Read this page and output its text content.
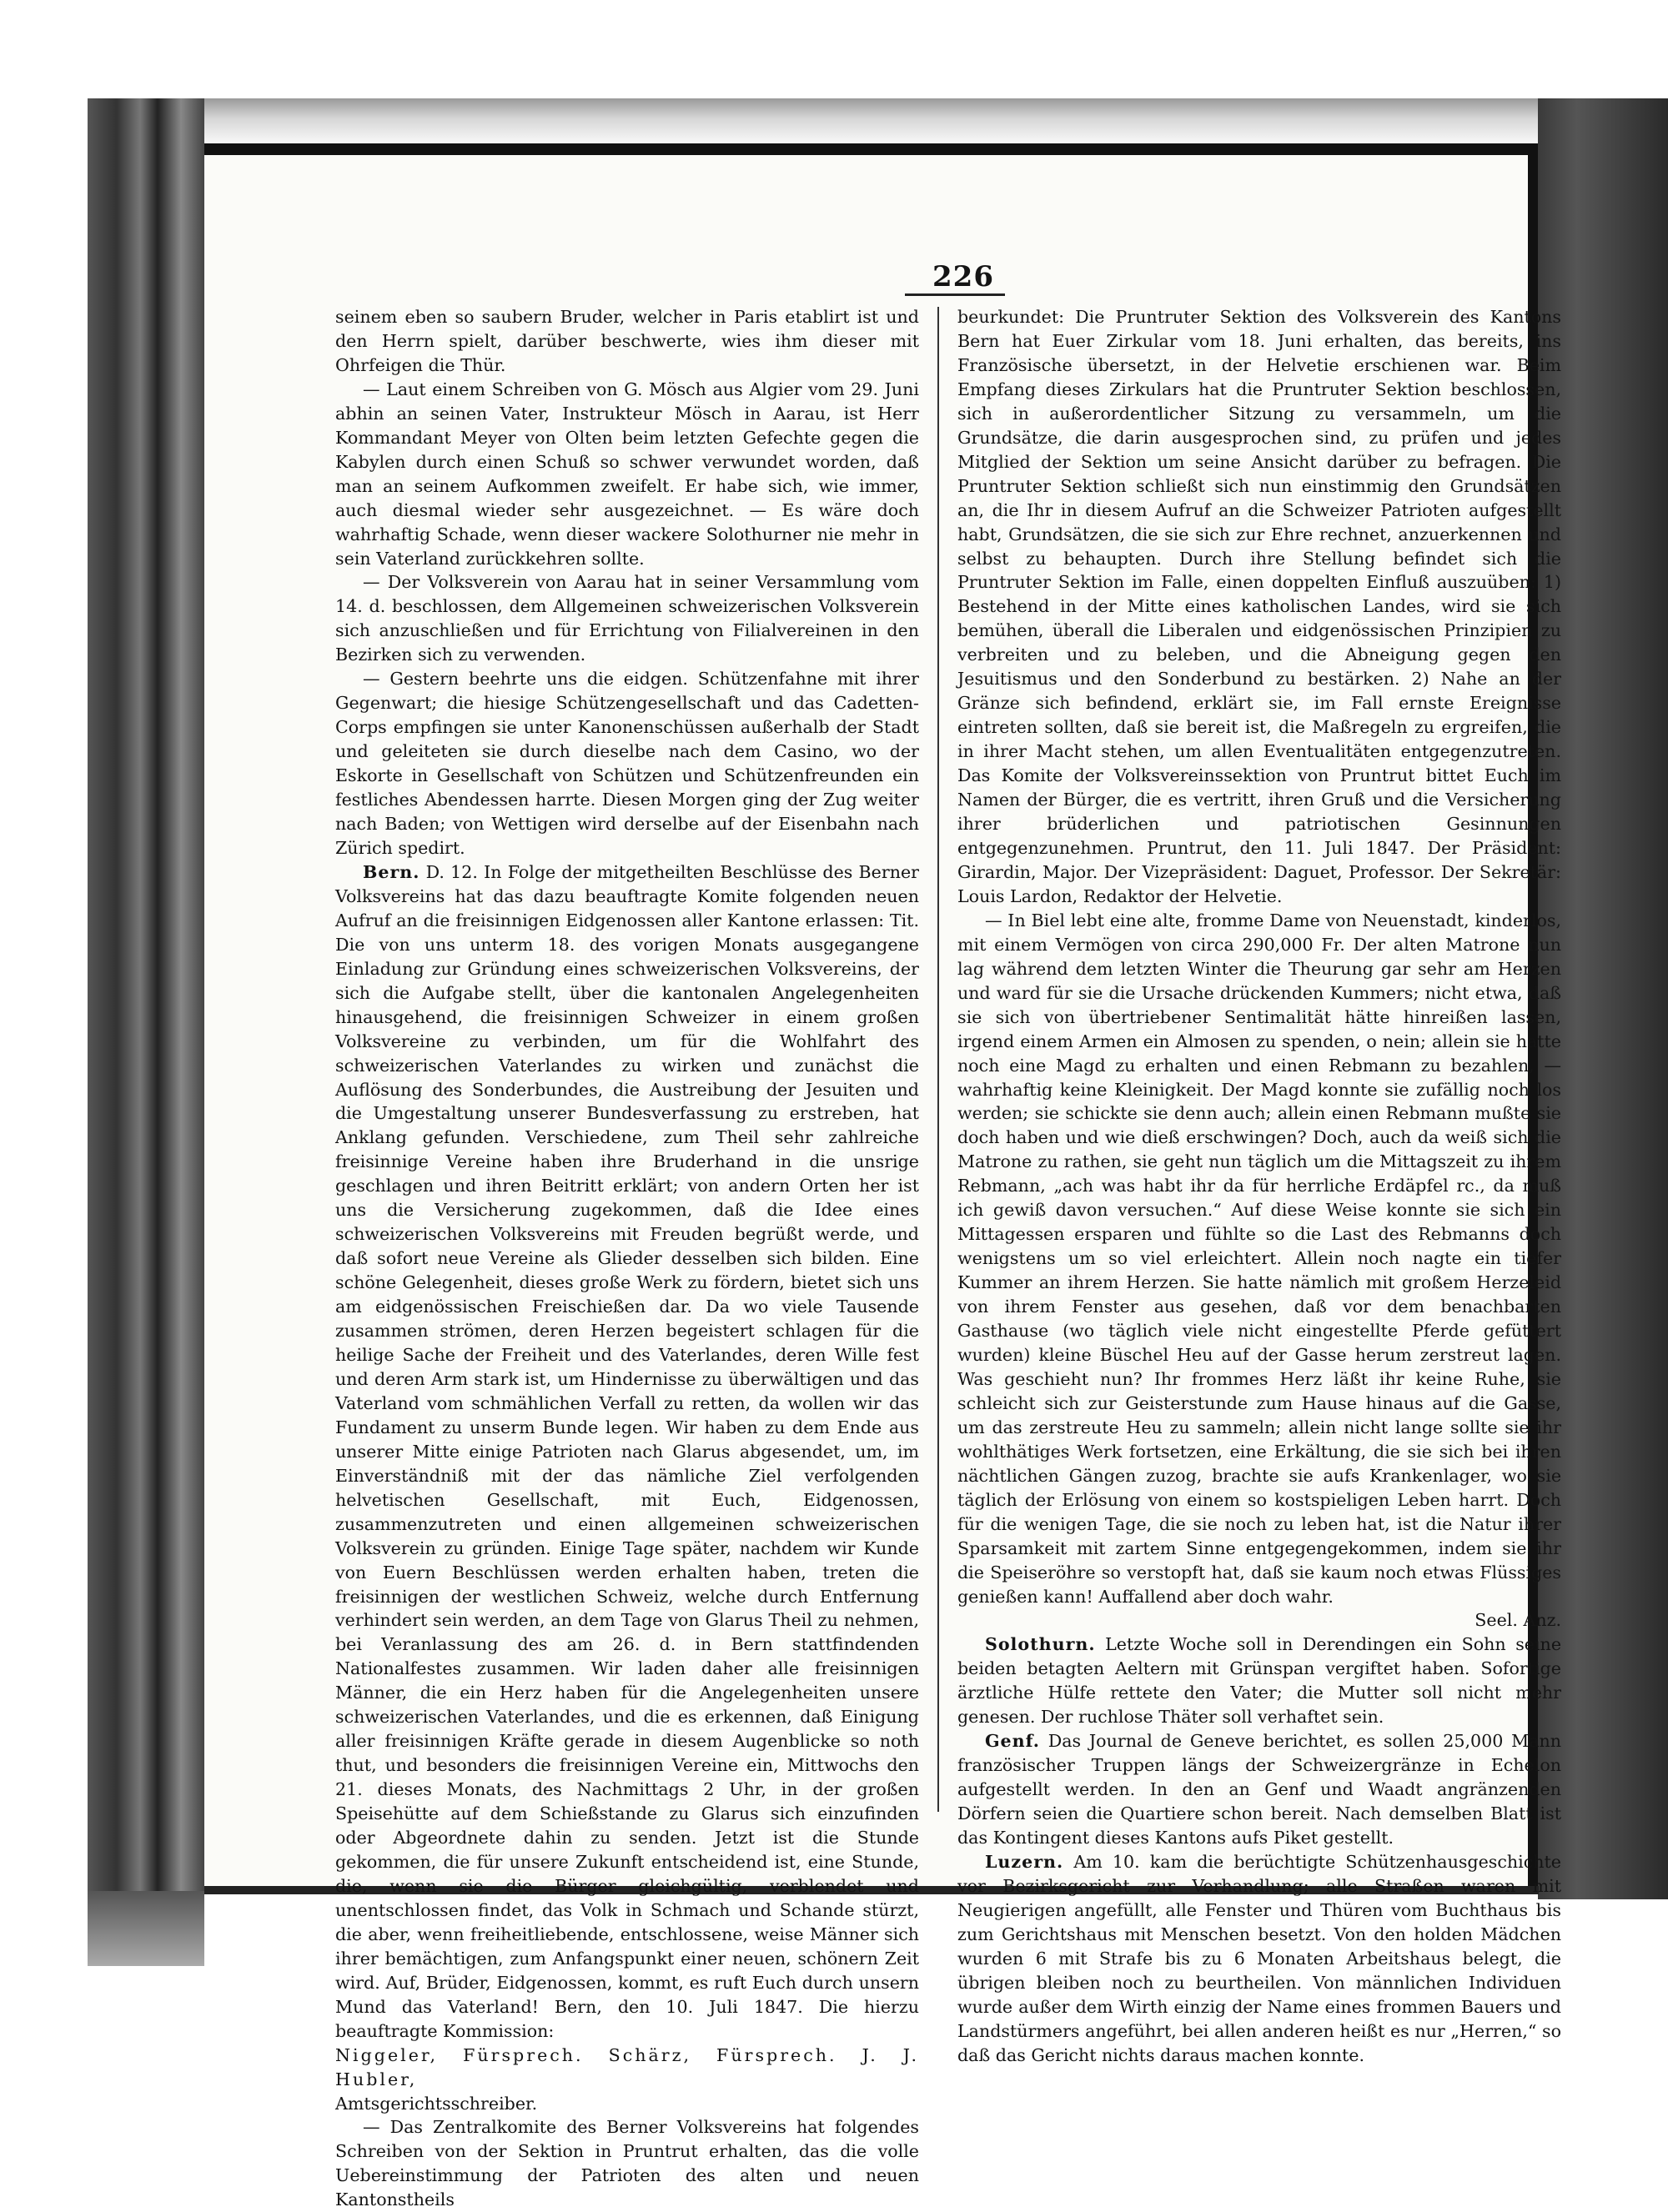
226

seinem eben so saubern Bruder, welcher in Paris etablirt ist und den Herrn spielt, darüber beschwerte, wies ihm dieser mit Ohrfeigen die Thür.

— Laut einem Schreiben von G. Mösch aus Algier vom 29. Juni abhin an seinen Vater, Instrukteur Mösch in Aarau, ist Herr Kommandant Meyer von Olten beim letzten Gefechte gegen die Kabylen durch einen Schuß so schwer verwundet worden, daß man an seinem Aufkommen zweifelt. Er habe sich, wie immer, auch diesmal wieder sehr ausgezeichnet. — Es wäre doch wahrhaftig Schade, wenn dieser wackere Solothurner nie mehr in sein Vaterland zurückkehren sollte.

— Der Volksverein von Aarau hat in seiner Versammlung vom 14. d. beschlossen, dem Allgemeinen schweizerischen Volksverein sich anzuschließen und für Errichtung von Filialvereinen in den Bezirken sich zu verwenden.

— Gestern beehrte uns die eidgen. Schützenfahne mit ihrer Gegenwart; die hiesige Schützengesellschaft und das Cadetten-Corps empfingen sie unter Kanonenschüssen außerhalb der Stadt und geleiteten sie durch dieselbe nach dem Casino, wo der Eskorte in Gesellschaft von Schützen und Schützenfreunden ein festliches Abendessen harrte. Diesen Morgen ging der Zug weiter nach Baden; von Wettigen wird derselbe auf der Eisenbahn nach Zürich spedirt.

Bern. D. 12. In Folge der mitgetheilten Beschlüsse des Berner Volksvereins hat das dazu beauftragte Komite folgenden neuen Aufruf an die freisinnigen Eidgenossen aller Kantone erlassen: Tit. Die von uns unterm 18. des vorigen Monats ausgegangene Einladung zur Gründung eines schweizerischen Volksvereins, der sich die Aufgabe stellt, über die kantonalen Angelegenheiten hinausgehend, die freisinnigen Schweizer in einem großen Volksvereine zu verbinden, um für die Wohlfahrt des schweizerischen Vaterlandes zu wirken und zunächst die Auflösung des Sonderbundes, die Austreibung der Jesuiten und die Umgestaltung unserer Bundesverfassung zu erstreben, hat Anklang gefunden. Verschiedene, zum Theil sehr zahlreiche freisinnige Vereine haben ihre Bruderhand in die unsrige geschlagen und ihren Beitritt erklärt; von andern Orten her ist uns die Versicherung zugekommen, daß die Idee eines schweizerischen Volksvereins mit Freuden begrüßt werde, und daß sofort neue Vereine als Glieder desselben sich bilden. Eine schöne Gelegenheit, dieses große Werk zu fördern, bietet sich uns am eidgenössischen Freischießen dar. Da wo viele Tausende zusammen strömen, deren Herzen begeistert schlagen für die heilige Sache der Freiheit und des Vaterlandes, deren Wille fest und deren Arm stark ist, um Hindernisse zu überwältigen und das Vaterland vom schmählichen Verfall zu retten, da wollen wir das Fundament zu unserm Bunde legen. Wir haben zu dem Ende aus unserer Mitte einige Patrioten nach Glarus abgesendet, um, im Einverständniß mit der das nämliche Ziel verfolgenden helvetischen Gesellschaft, mit Euch, Eidgenossen, zusammenzutreten und einen allgemeinen schweizerischen Volksverein zu gründen. Einige Tage später, nachdem wir Kunde von Euern Beschlüssen werden erhalten haben, treten die freisinnigen der westlichen Schweiz, welche durch Entfernung verhindert sein werden, an dem Tage von Glarus Theil zu nehmen, bei Veranlassung des am 26. d. in Bern stattfindenden Nationalfestes zusammen. Wir laden daher alle freisinnigen Männer, die ein Herz haben für die Angelegenheiten unsere schweizerischen Vaterlandes, und die es erkennen, daß Einigung aller freisinnigen Kräfte gerade in diesem Augenblicke so noth thut, und besonders die freisinnigen Vereine ein, Mittwochs den 21. dieses Monats, des Nachmittags 2 Uhr, in der großen Speisehütte auf dem Schießstande zu Glarus sich einzufinden oder Abgeordnete dahin zu senden. Jetzt ist die Stunde gekommen, die für unsere Zukunft entscheidend ist, eine Stunde, die, wenn sie die Bürger gleichgültig, verblendet und unentschlossen findet, das Volk in Schmach und Schande stürzt, die aber, wenn freiheitliebende, entschlossene, weise Männer sich ihrer bemächtigen, zum Anfangspunkt einer neuen, schönern Zeit wird. Auf, Brüder, Eidgenossen, kommt, es ruft Euch durch unsern Mund das Vaterland! Bern, den 10. Juli 1847. Die hierzu beauftragte Kommission:

Niggeler, Fürsprech. Schärz, Fürsprech. J. J. Hubler,

Amtsgerichtsschreiber.

— Das Zentralkomite des Berner Volksvereins hat folgendes Schreiben von der Sektion in Pruntrut erhalten, das die volle Uebereinstimmung der Patrioten des alten und neuen Kantonstheils

beurkundet: Die Pruntruter Sektion des Volksverein des Kantons Bern hat Euer Zirkular vom 18. Juni erhalten, das bereits, ins Französische übersetzt, in der Helvetie erschienen war. Beim Empfang dieses Zirkulars hat die Pruntruter Sektion beschlossen, sich in außerordentlicher Sitzung zu versammeln, um die Grundsätze, die darin ausgesprochen sind, zu prüfen und jedes Mitglied der Sektion um seine Ansicht darüber zu befragen. Die Pruntruter Sektion schließt sich nun einstimmig den Grundsätzen an, die Ihr in diesem Aufruf an die Schweizer Patrioten aufgestellt habt, Grundsätzen, die sie sich zur Ehre rechnet, anzuerkennen und selbst zu behaupten. Durch ihre Stellung befindet sich die Pruntruter Sektion im Falle, einen doppelten Einfluß auszuüben: 1) Bestehend in der Mitte eines katholischen Landes, wird sie sich bemühen, überall die Liberalen und eidgenössischen Prinzipien zu verbreiten und zu beleben, und die Abneigung gegen den Jesuitismus und den Sonderbund zu bestärken. 2) Nahe an der Gränze sich befindend, erklärt sie, im Fall ernste Ereignisse eintreten sollten, daß sie bereit ist, die Maßregeln zu ergreifen, die in ihrer Macht stehen, um allen Eventualitäten entgegenzutreten. Das Komite der Volksvereinssektion von Pruntrut bittet Euch im Namen der Bürger, die es vertritt, ihren Gruß und die Versicherung ihrer brüderlichen und patriotischen Gesinnungen entgegenzunehmen. Pruntrut, den 11. Juli 1847. Der Präsident: Girardin, Major. Der Vizepräsident: Daguet, Professor. Der Sekretär: Louis Lardon, Redaktor der Helvetie.

— In Biel lebt eine alte, fromme Dame von Neuenstadt, kinderlos, mit einem Vermögen von circa 290,000 Fr. Der alten Matrone nun lag während dem letzten Winter die Theurung gar sehr am Herzen und ward für sie die Ursache drückenden Kummers; nicht etwa, daß sie sich von übertriebener Sentimalität hätte hinreißen lassen, irgend einem Armen ein Almosen zu spenden, o nein; allein sie hatte noch eine Magd zu erhalten und einen Rebmann zu bezahlen, — wahrhaftig keine Kleinigkeit. Der Magd konnte sie zufällig noch los werden; sie schickte sie denn auch; allein einen Rebmann mußte sie doch haben und wie dieß erschwingen? Doch, auch da weiß sich die Matrone zu rathen, sie geht nun täglich um die Mittagszeit zu ihrem Rebmann, „ach was habt ihr da für herrliche Erdäpfel rc., da muß ich gewiß davon versuchen.“ Auf diese Weise konnte sie sich ein Mittagessen ersparen und fühlte so die Last des Rebmanns doch wenigstens um so viel erleichtert. Allein noch nagte ein tiefer Kummer an ihrem Herzen. Sie hatte nämlich mit großem Herzeleid von ihrem Fenster aus gesehen, daß vor dem benachbarten Gasthause (wo täglich viele nicht eingestellte Pferde gefüttert wurden) kleine Büschel Heu auf der Gasse herum zerstreut lagen. Was geschieht nun? Ihr frommes Herz läßt ihr keine Ruhe, sie schleicht sich zur Geisterstunde zum Hause hinaus auf die Gasse, um das zerstreute Heu zu sammeln; allein nicht lange sollte sie ihr wohlthätiges Werk fortsetzen, eine Erkältung, die sie sich bei ihren nächtlichen Gängen zuzog, brachte sie aufs Krankenlager, wo sie täglich der Erlösung von einem so kostspieligen Leben harrt. Doch für die wenigen Tage, die sie noch zu leben hat, ist die Natur ihrer Sparsamkeit mit zartem Sinne entgegengekommen, indem sie ihr die Speiseröhre so verstopft hat, daß sie kaum noch etwas Flüssiges genießen kann! Auffallend aber doch wahr.
Seel. Anz.

Solothurn. Letzte Woche soll in Derendingen ein Sohn seine beiden betagten Aeltern mit Grünspan vergiftet haben. Sofortige ärztliche Hülfe rettete den Vater; die Mutter soll nicht mehr genesen. Der ruchlose Thäter soll verhaftet sein.

Genf. Das Journal de Geneve berichtet, es sollen 25,000 Mann französischer Truppen längs der Schweizergränze in Echelon aufgestellt werden. In den an Genf und Waadt angränzenden Dörfern seien die Quartiere schon bereit. Nach demselben Blatt ist das Kontingent dieses Kantons aufs Piket gestellt.

Luzern. Am 10. kam die berüchtigte Schützenhausgeschichte vor Bezirksgericht zur Verhandlung; alle Straßen waren mit Neugierigen angefüllt, alle Fenster und Thüren vom Buchthaus bis zum Gerichtshaus mit Menschen besetzt. Von den holden Mädchen wurden 6 mit Strafe bis zu 6 Monaten Arbeitshaus belegt, die übrigen bleiben noch zu beurtheilen. Von männlichen Individuen wurde außer dem Wirth einzig der Name eines frommen Bauers und Landstürmers angeführt, bei allen anderen heißt es nur „Herren,“ so daß das Gericht nichts daraus machen konnte.
